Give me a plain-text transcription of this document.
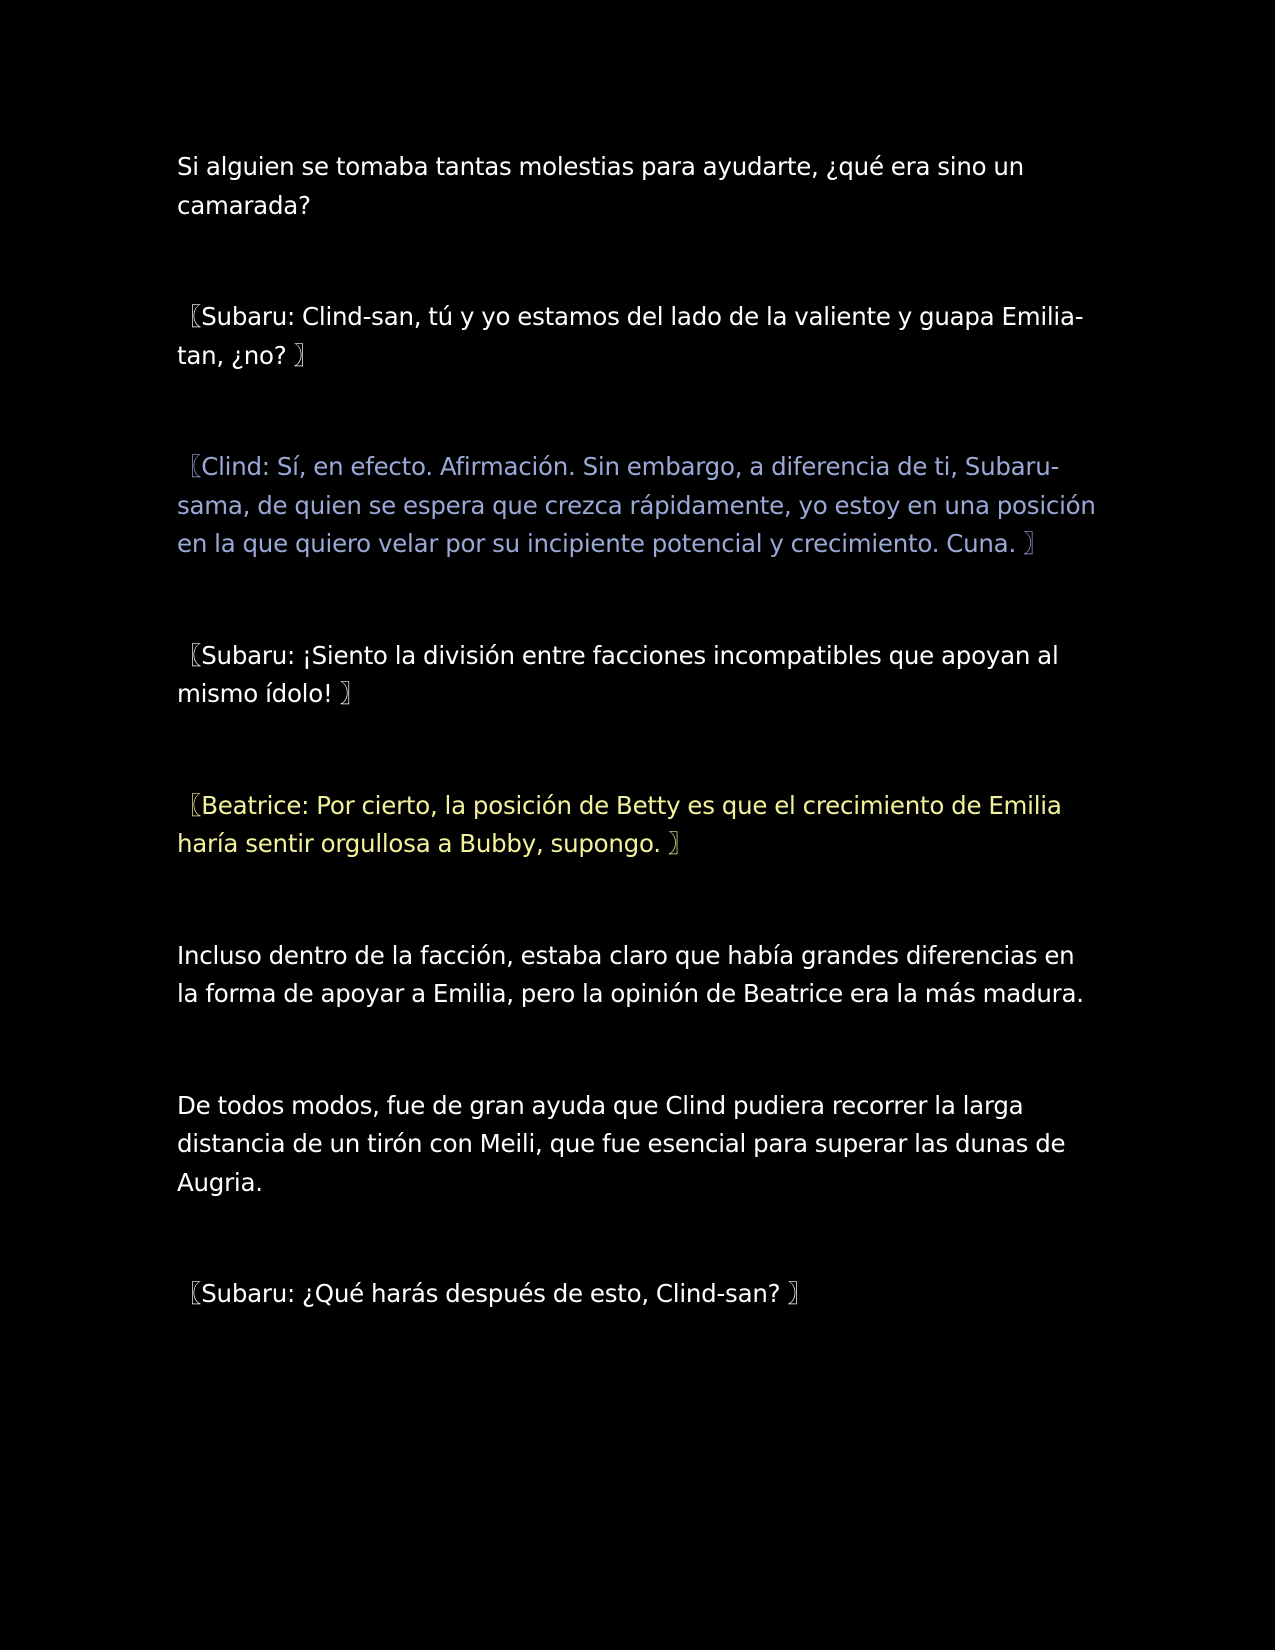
Si alguien se tomaba tantas molestias para ayudarte, ¿qué era sino un camarada?

〖Subaru: Clind-san, tú y yo estamos del lado de la valiente y guapa Emilia-tan, ¿no? 〗

〖Clind: Sí, en efecto. Afirmación. Sin embargo, a diferencia de ti, Subaru-sama, de quien se espera que crezca rápidamente, yo estoy en una posición en la que quiero velar por su incipiente potencial y crecimiento. Cuna. 〗

〖Subaru: ¡Siento la división entre facciones incompatibles que apoyan al mismo ídolo! 〗

〖Beatrice: Por cierto, la posición de Betty es que el crecimiento de Emilia haría sentir orgullosa a Bubby, supongo. 〗

Incluso dentro de la facción, estaba claro que había grandes diferencias en la forma de apoyar a Emilia, pero la opinión de Beatrice era la más madura.

De todos modos, fue de gran ayuda que Clind pudiera recorrer la larga distancia de un tirón con Meili, que fue esencial para superar las dunas de Augria.

〖Subaru: ¿Qué harás después de esto, Clind-san? 〗
